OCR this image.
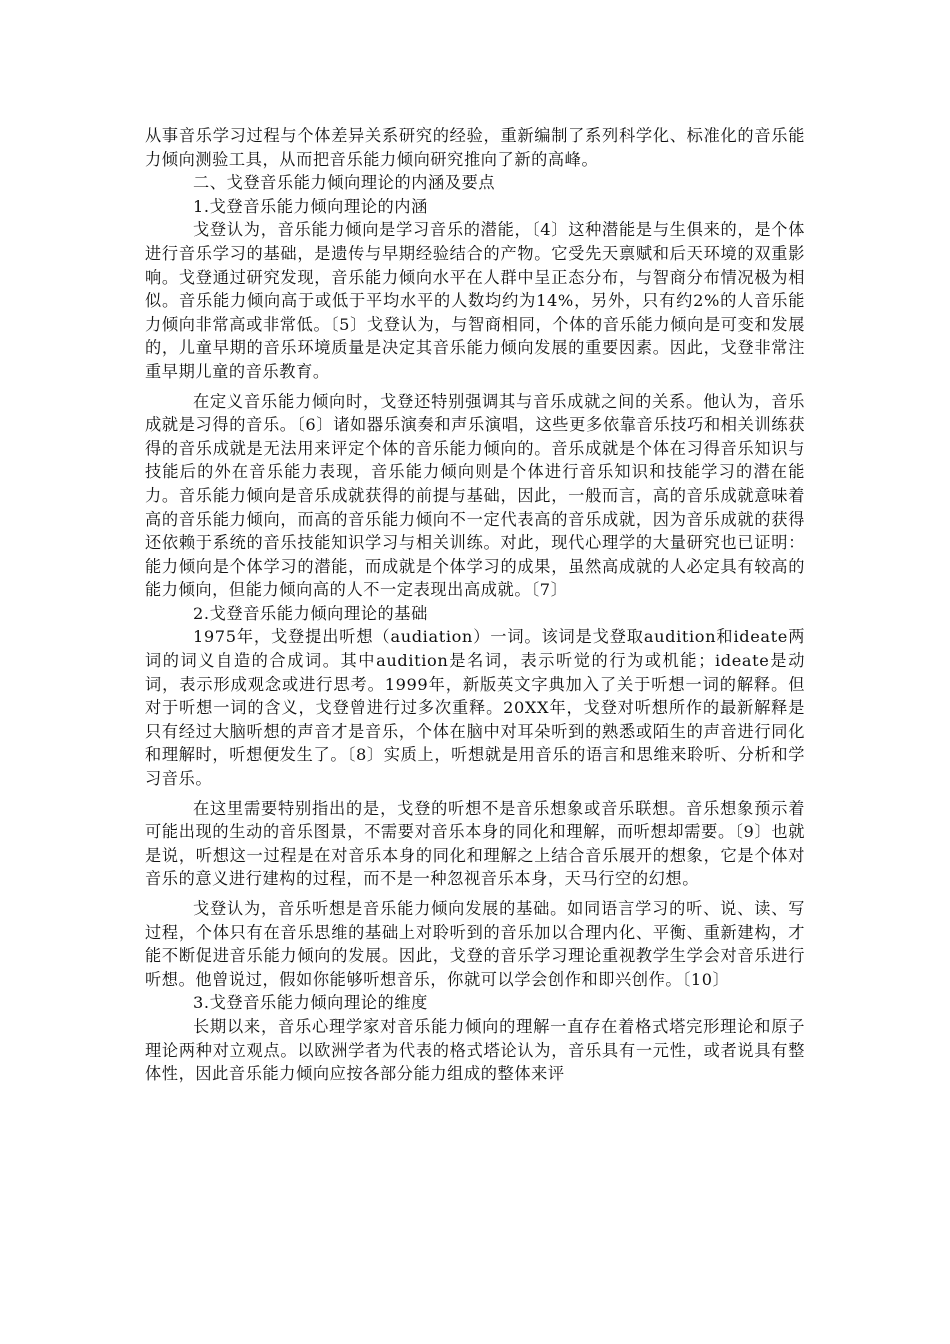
从事音乐学习过程与个体差异关系研究的经验，重新编制了系列科学化、标准化的音乐能力倾向测验工具，从而把音乐能力倾向研究推向了新的高峰。

二、戈登音乐能力倾向理论的内涵及要点

1.戈登音乐能力倾向理论的内涵

戈登认为，音乐能力倾向是学习音乐的潜能，〔4〕这种潜能是与生俱来的，是个体进行音乐学习的基础，是遗传与早期经验结合的产物。它受先天禀赋和后天环境的双重影响。戈登通过研究发现，音乐能力倾向水平在人群中呈正态分布，与智商分布情况极为相似。音乐能力倾向高于或低于平均水平的人数均约为14%，另外，只有约2%的人音乐能力倾向非常高或非常低。〔5〕戈登认为，与智商相同，个体的音乐能力倾向是可变和发展的，儿童早期的音乐环境质量是决定其音乐能力倾向发展的重要因素。因此，戈登非常注重早期儿童的音乐教育。

在定义音乐能力倾向时，戈登还特别强调其与音乐成就之间的关系。他认为，音乐成就是习得的音乐。〔6〕诸如器乐演奏和声乐演唱，这些更多依靠音乐技巧和相关训练获得的音乐成就是无法用来评定个体的音乐能力倾向的。音乐成就是个体在习得音乐知识与技能后的外在音乐能力表现，音乐能力倾向则是个体进行音乐知识和技能学习的潜在能力。音乐能力倾向是音乐成就获得的前提与基础，因此，一般而言，高的音乐成就意味着高的音乐能力倾向，而高的音乐能力倾向不一定代表高的音乐成就，因为音乐成就的获得还依赖于系统的音乐技能知识学习与相关训练。对此，现代心理学的大量研究也已证明：能力倾向是个体学习的潜能，而成就是个体学习的成果，虽然高成就的人必定具有较高的能力倾向，但能力倾向高的人不一定表现出高成就。〔7〕

2.戈登音乐能力倾向理论的基础

1975年，戈登提出听想（audiation）一词。该词是戈登取audition和ideate两词的词义自造的合成词。其中audition是名词，表示听觉的行为或机能；ideate是动词，表示形成观念或进行思考。1999年，新版英文字典加入了关于听想一词的解释。但对于听想一词的含义，戈登曾进行过多次重释。20XX年，戈登对听想所作的最新解释是只有经过大脑听想的声音才是音乐，个体在脑中对耳朵听到的熟悉或陌生的声音进行同化和理解时，听想便发生了。〔8〕实质上，听想就是用音乐的语言和思维来聆听、分析和学习音乐。

在这里需要特别指出的是，戈登的听想不是音乐想象或音乐联想。音乐想象预示着可能出现的生动的音乐图景，不需要对音乐本身的同化和理解，而听想却需要。〔9〕也就是说，听想这一过程是在对音乐本身的同化和理解之上结合音乐展开的想象，它是个体对音乐的意义进行建构的过程，而不是一种忽视音乐本身，天马行空的幻想。

戈登认为，音乐听想是音乐能力倾向发展的基础。如同语言学习的听、说、读、写过程，个体只有在音乐思维的基础上对聆听到的音乐加以合理内化、平衡、重新建构，才能不断促进音乐能力倾向的发展。因此，戈登的音乐学习理论重视教学生学会对音乐进行听想。他曾说过，假如你能够听想音乐，你就可以学会创作和即兴创作。〔10〕

3.戈登音乐能力倾向理论的维度

长期以来，音乐心理学家对音乐能力倾向的理解一直存在着格式塔完形理论和原子理论两种对立观点。以欧洲学者为代表的格式塔论认为，音乐具有一元性，或者说具有整体性，因此音乐能力倾向应按各部分能力组成的整体来评
